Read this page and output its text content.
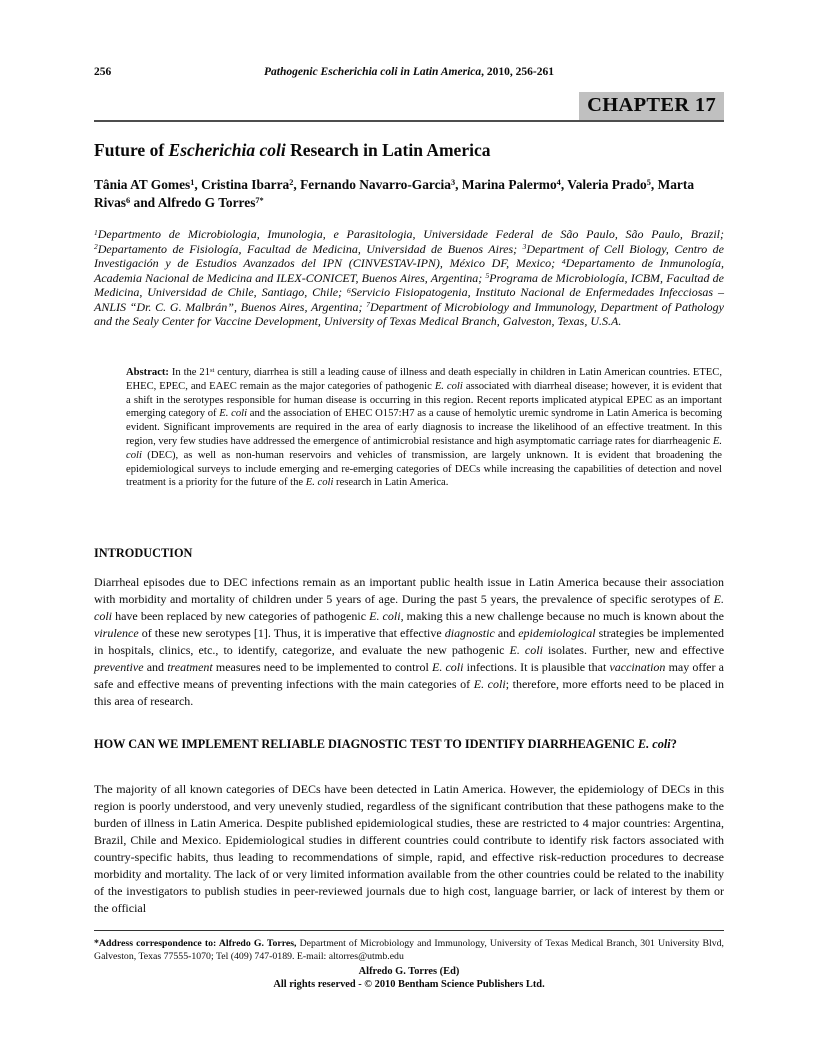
256	Pathogenic Escherichia coli in Latin America, 2010, 256-261
CHAPTER 17
Future of Escherichia coli Research in Latin America
Tânia AT Gomes$^1$, Cristina Ibarra$^2$, Fernando Navarro-Garcia$^3$, Marina Palermo$^4$, Valeria Prado$^5$, Marta Rivas$^6$ and Alfredo G Torres$^{7*}$
$^1$Departmento de Microbiologia, Imunologia, e Parasitologia, Universidade Federal de São Paulo, São Paulo, Brazil; $^2$Departamento de Fisiología, Facultad de Medicina, Universidad de Buenos Aires; $^3$Department of Cell Biology, Centro de Investigación y de Estudios Avanzados del IPN (CINVESTAV-IPN), México DF, Mexico; $^4$Departamento de Inmunología, Academia Nacional de Medicina and ILEX-CONICET, Buenos Aires, Argentina; $^5$Programa de Microbiología, ICBM, Facultad de Medicina, Universidad de Chile, Santiago, Chile; $^6$Servicio Fisiopatogenia, Instituto Nacional de Enfermedades Infecciosas – ANLIS “Dr. C. G. Malbrán”, Buenos Aires, Argentina; $^7$Department of Microbiology and Immunology, Department of Pathology and the Sealy Center for Vaccine Development, University of Texas Medical Branch, Galveston, Texas, U.S.A.
Abstract: In the 21st century, diarrhea is still a leading cause of illness and death especially in children in Latin American countries. ETEC, EHEC, EPEC, and EAEC remain as the major categories of pathogenic E. coli associated with diarrheal disease; however, it is evident that a shift in the serotypes responsible for human disease is occurring in this region. Recent reports implicated atypical EPEC as an important emerging category of E. coli and the association of EHEC O157:H7 as a cause of hemolytic uremic syndrome in Latin America is becoming evident. Significant improvements are required in the area of early diagnosis to increase the likelihood of an effective treatment. In this region, very few studies have addressed the emergence of antimicrobial resistance and high asymptomatic carriage rates for diarrheagenic E. coli (DEC), as well as non-human reservoirs and vehicles of transmission, are largely unknown. It is evident that broadening the epidemiological surveys to include emerging and re-emerging categories of DECs while increasing the capabilities of detection and novel treatment is a priority for the future of the E. coli research in Latin America.
INTRODUCTION
Diarrheal episodes due to DEC infections remain as an important public health issue in Latin America because their association with morbidity and mortality of children under 5 years of age. During the past 5 years, the prevalence of specific serotypes of E. coli have been replaced by new categories of pathogenic E. coli, making this a new challenge because no much is known about the virulence of these new serotypes [1]. Thus, it is imperative that effective diagnostic and epidemiological strategies be implemented in hospitals, clinics, etc., to identify, categorize, and evaluate the new pathogenic E. coli isolates. Further, new and effective preventive and treatment measures need to be implemented to control E. coli infections. It is plausible that vaccination may offer a safe and effective means of preventing infections with the main categories of E. coli; therefore, more efforts need to be placed in this area of research.
HOW CAN WE IMPLEMENT RELIABLE DIAGNOSTIC TEST TO IDENTIFY DIARRHEAGENIC E. coli?
The majority of all known categories of DECs have been detected in Latin America. However, the epidemiology of DECs in this region is poorly understood, and very unevenly studied, regardless of the significant contribution that these pathogens make to the burden of illness in Latin America. Despite published epidemiological studies, these are restricted to 4 major countries: Argentina, Brazil, Chile and Mexico. Epidemiological studies in different countries could contribute to identify risk factors associated with country-specific habits, thus leading to recommendations of simple, rapid, and effective risk-reduction procedures to decrease morbidity and mortality. The lack of or very limited information available from the other countries could be related to the inability of the investigators to publish studies in peer-reviewed journals due to high cost, language barrier, or lack of interest by them or the official
*Address correspondence to: Alfredo G. Torres, Department of Microbiology and Immunology, University of Texas Medical Branch, 301 University Blvd, Galveston, Texas 77555-1070; Tel (409) 747-0189. E-mail: altorres@utmb.edu
Alfredo G. Torres (Ed)
All rights reserved - © 2010 Bentham Science Publishers Ltd.
